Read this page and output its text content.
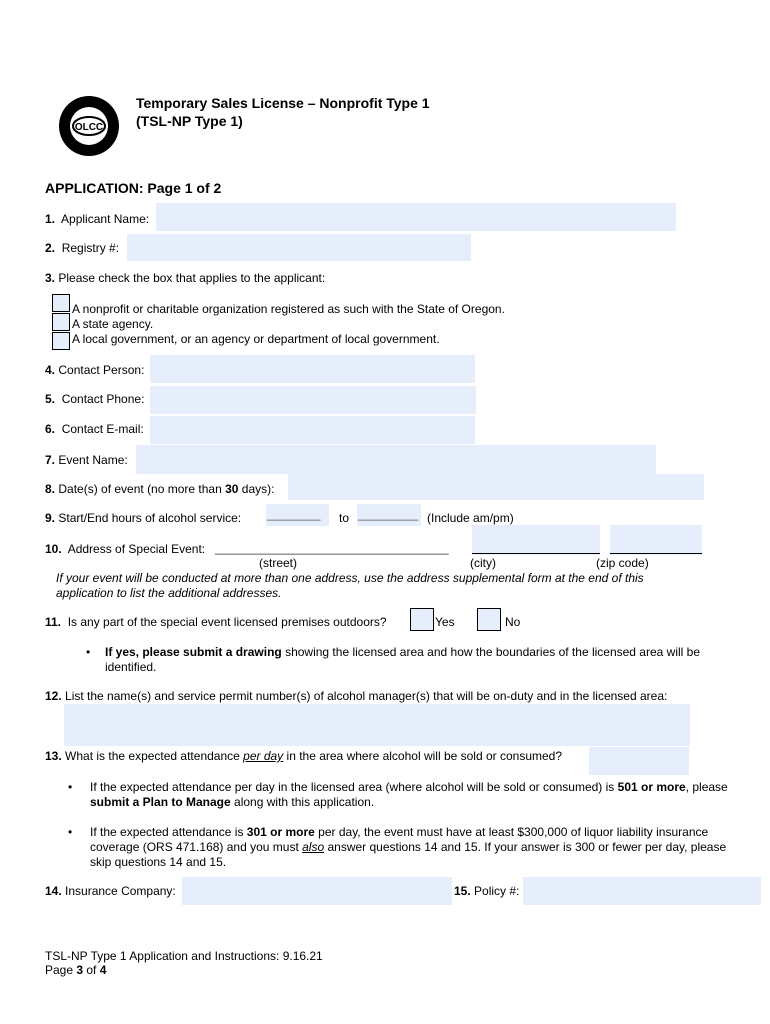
OLCC
Temporary Sales License – Nonprofit Type 1
(TSL-NP Type 1)
APPLICATION: Page 1 of 2
1. Applicant Name:
2. Registry #:
3. Please check the box that applies to the applicant:
A nonprofit or charitable organization registered as such with the State of Oregon.
A state agency.
A local government, or an agency or department of local government.
4. Contact Person:
5. Contact Phone:
6. Contact E-mail:
7. Event Name:
8. Date(s) of event (no more than 30 days):
9. Start/End hours of alcohol service: ________ to _________ (Include am/pm)
10. Address of Special Event: ___________________________________
(street)	(city)	(zip code)
If your event will be conducted at more than one address, use the address supplemental form at the end of this application to list the additional addresses.
11. Is any part of the special event licensed premises outdoors?	Yes	No
• If yes, please submit a drawing showing the licensed area and how the boundaries of the licensed area will be identified.
12. List the name(s) and service permit number(s) of alcohol manager(s) that will be on-duty and in the licensed area:
13. What is the expected attendance per day in the area where alcohol will be sold or consumed?
• If the expected attendance per day in the licensed area (where alcohol will be sold or consumed) is 501 or more, please submit a Plan to Manage along with this application.
• If the expected attendance is 301 or more per day, the event must have at least $300,000 of liquor liability insurance coverage (ORS 471.168) and you must also answer questions 14 and 15. If your answer is 300 or fewer per day, please skip questions 14 and 15.
14. Insurance Company:	15. Policy #:
TSL-NP Type 1 Application and Instructions: 9.16.21
Page 3 of 4
